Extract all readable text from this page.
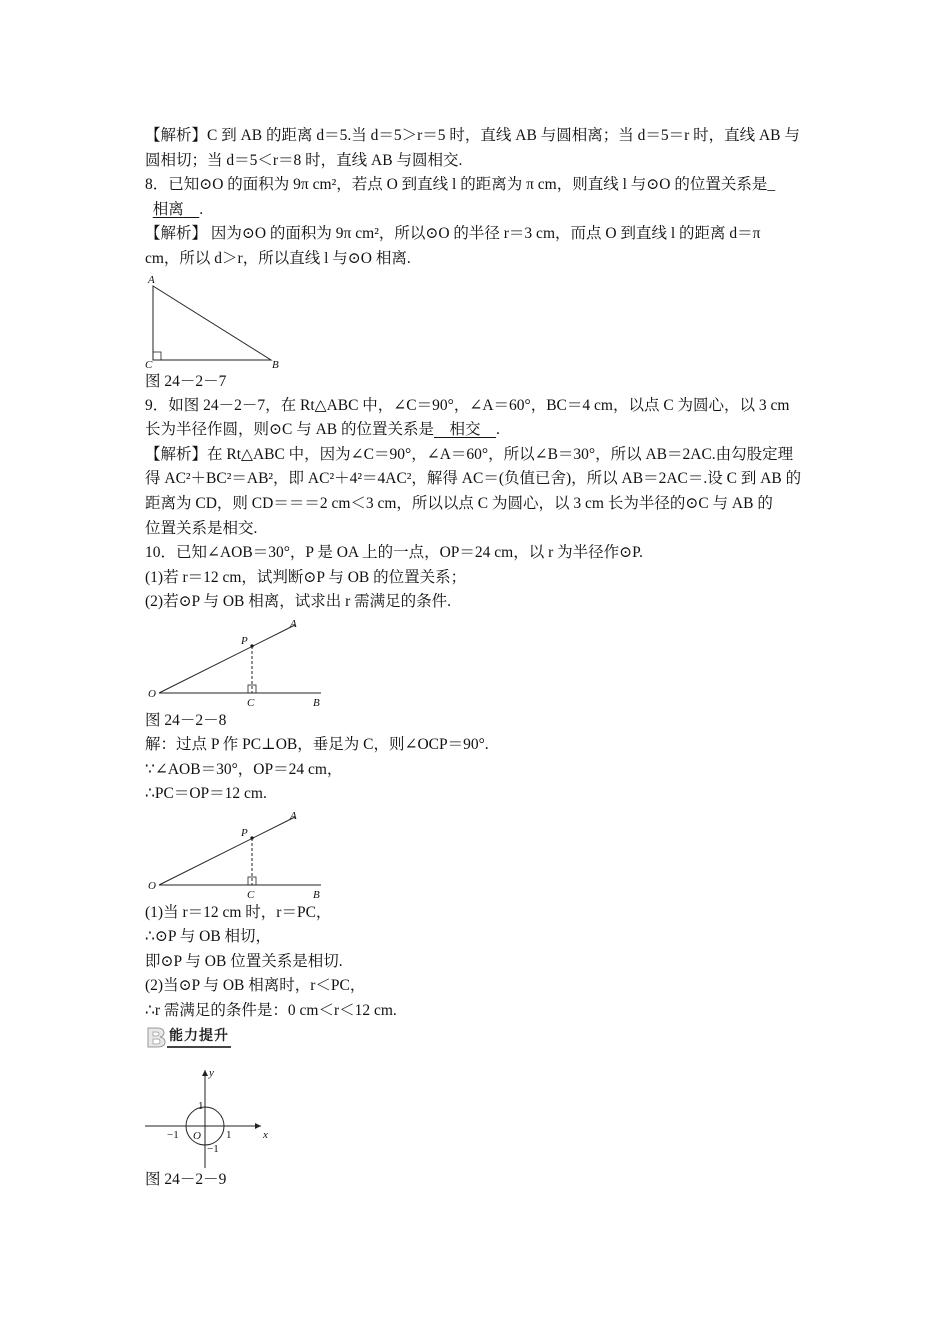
【解析】C 到 AB 的距离 d＝5.当 d＝5＞r＝5 时，直线 AB 与圆相离；当 d＝5＝r 时，直线 AB 与
圆相切；当 d＝5＜r＝8 时，直线 AB 与圆相交.
8．已知⊙O 的面积为 9π cm²，若点 O 到直线 l 的距离为 π cm，则直线 l 与⊙O 的位置关系是_
相离 .
【解析】 因为⊙O 的面积为 9π cm²，所以⊙O 的半径 r＝3 cm，而点 O 到直线 l 的距离 d＝π
cm，所以 d＞r，所以直线 l 与⊙O 相离.
A
B
C
图 24－2－7
9．如图 24－2－7，在 Rt△ABC 中，∠C＝90°，∠A＝60°，BC＝4 cm，以点 C 为圆心，以 3 cm
长为半径作圆，则⊙C 与 AB 的位置关系是 相交 .
【解析】在 Rt△ABC 中，因为∠C＝90°，∠A＝60°，所以∠B＝30°，所以 AB＝2AC.由勾股定理
得 AC²＋BC²＝AB²，即 AC²＋4²＝4AC²，解得 AC＝(负值已舍)，所以 AB＝2AC＝.设 C 到 AB 的
距离为 CD，则 CD＝＝＝2 cm＜3 cm，所以以点 C 为圆心，以 3 cm 长为半径的⊙C 与 AB 的
位置关系是相交.
10．已知∠AOB＝30°，P 是 OA 上的一点，OP＝24 cm，以 r 为半径作⊙P.
(1)若 r＝12 cm，试判断⊙P 与 OB 的位置关系；
(2)若⊙P 与 OB 相离，试求出 r 需满足的条件.
O
P
A
C	B
图 24－2－8
解：过点 P 作 PC⊥OB，垂足为 C，则∠OCP＝90°.
∵∠AOB＝30°，OP＝24 cm，
∴PC＝OP＝12 cm.
O
P
A
C	B
(1)当 r＝12 cm 时，r＝PC，
∴⊙P 与 OB 相切，
即⊙P 与 OB 位置关系是相切.
(2)当⊙P 与 OB 相离时，r＜PC，
∴r 需满足的条件是：0 cm＜r＜12 cm.
能力提升
y
x
O
1
1
−1
−1
图 24－2－9
